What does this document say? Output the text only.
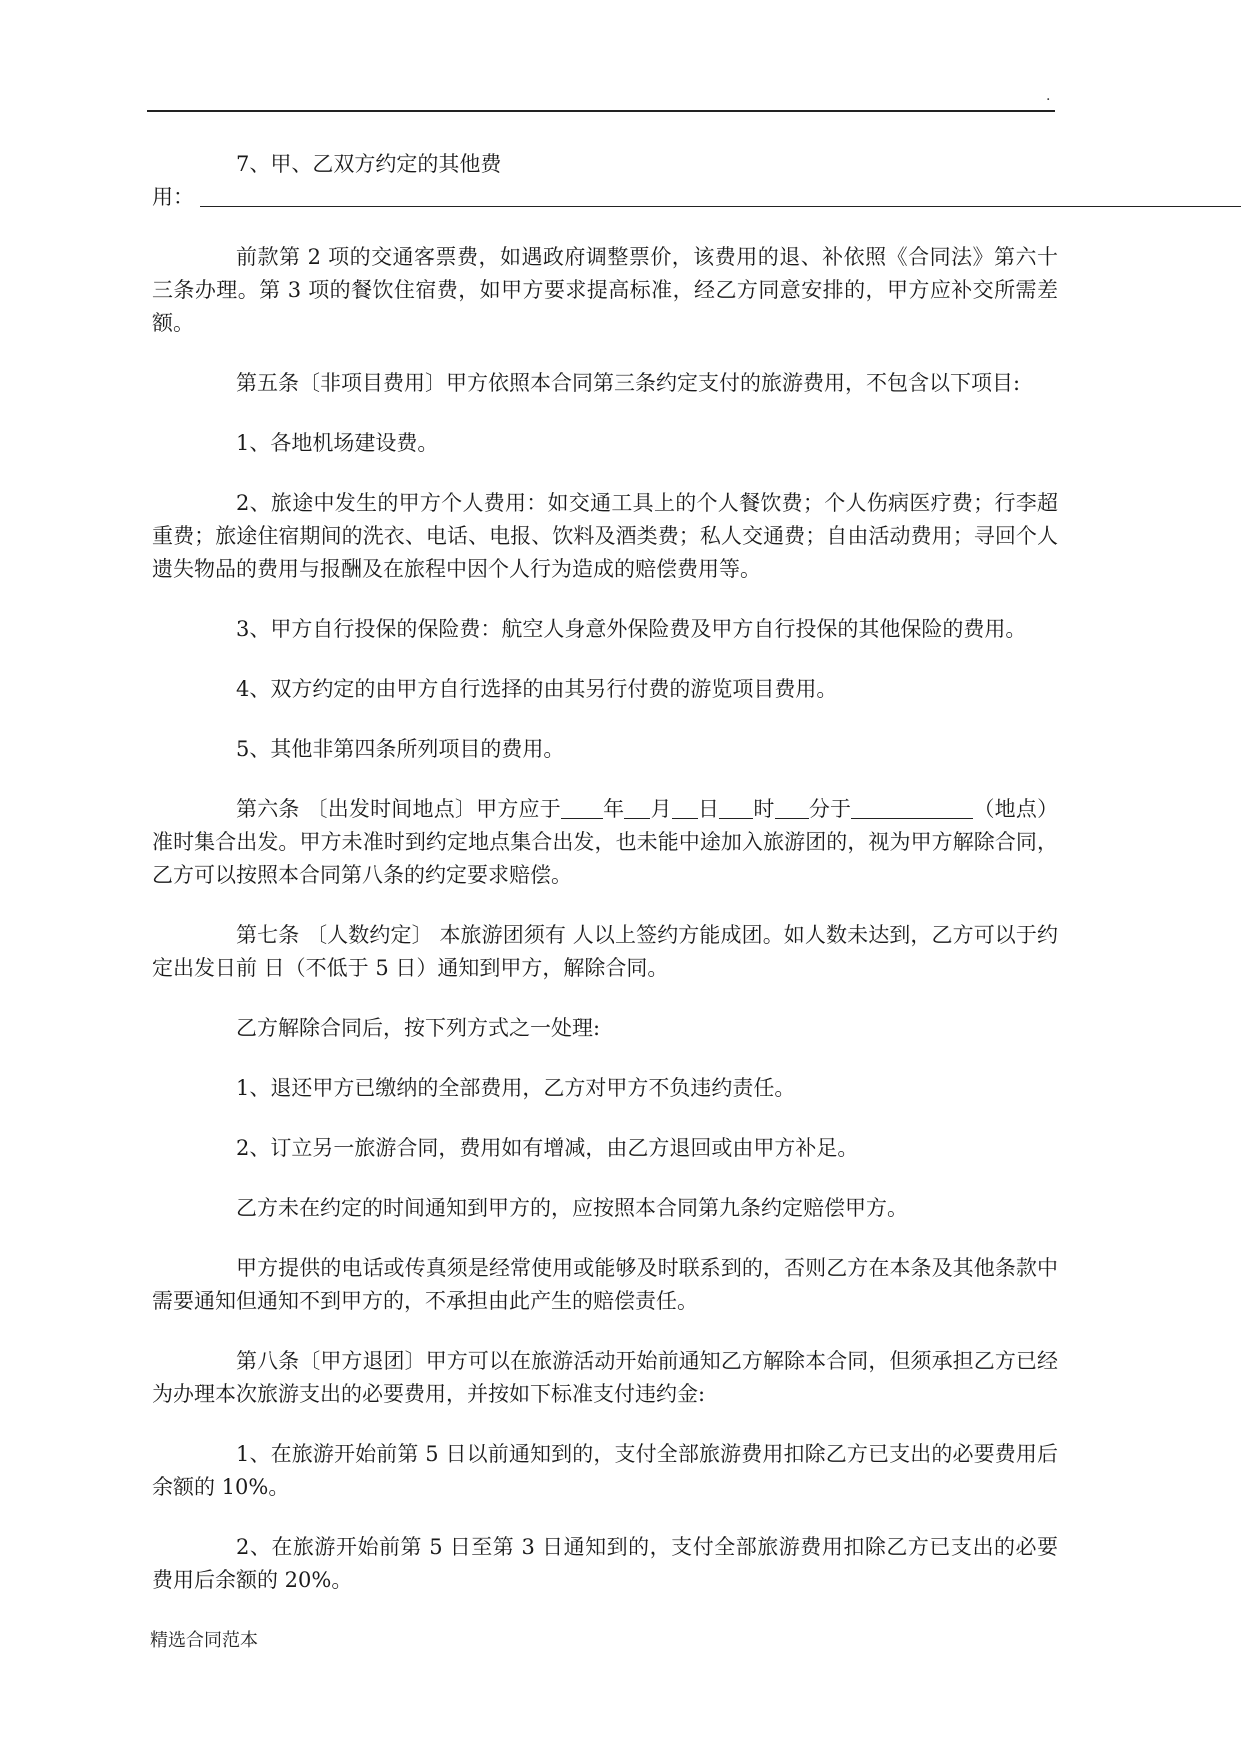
.

7、甲、乙双方约定的其他费

用：

前款第 2 项的交通客票费，如遇政府调整票价，该费用的退、补依照《合同法》第六十三条办理。第 3 项的餐饮住宿费，如甲方要求提高标准，经乙方同意安排的，甲方应补交所需差额。

第五条〔非项目费用〕甲方依照本合同第三条约定支付的旅游费用，不包含以下项目:

1、各地机场建设费。

2、旅途中发生的甲方个人费用：如交通工具上的个人餐饮费；个人伤病医疗费；行李超重费；旅途住宿期间的洗衣、电话、电报、饮料及酒类费；私人交通费；自由活动费用；寻回个人遗失物品的费用与报酬及在旅程中因个人行为造成的赔偿费用等。

3、甲方自行投保的保险费：航空人身意外保险费及甲方自行投保的其他保险的费用。

4、双方约定的由甲方自行选择的由其另行付费的游览项目费用。

5、其他非第四条所列项目的费用。

第六条 〔出发时间地点〕甲方应于 年 月 日 时 分于	（地点）准时集合出发。甲方未准时到约定地点集合出发，也未能中途加入旅游团的，视为甲方解除合同，乙方可以按照本合同第八条的约定要求赔偿。

第七条 〔人数约定〕 本旅游团须有 人以上签约方能成团。如人数未达到，乙方可以于约定出发日前 日（不低于 5 日）通知到甲方，解除合同。

乙方解除合同后，按下列方式之一处理:

1、退还甲方已缴纳的全部费用，乙方对甲方不负违约责任。

2、订立另一旅游合同，费用如有增减，由乙方退回或由甲方补足。

乙方未在约定的时间通知到甲方的，应按照本合同第九条约定赔偿甲方。

甲方提供的电话或传真须是经常使用或能够及时联系到的，否则乙方在本条及其他条款中需要通知但通知不到甲方的，不承担由此产生的赔偿责任。

第八条〔甲方退团〕甲方可以在旅游活动开始前通知乙方解除本合同，但须承担乙方已经为办理本次旅游支出的必要费用，并按如下标准支付违约金:

1、在旅游开始前第 5 日以前通知到的，支付全部旅游费用扣除乙方已支出的必要费用后余额的 10%。

2、在旅游开始前第 5 日至第 3 日通知到的，支付全部旅游费用扣除乙方已支出的必要费用后余额的 20%。

精选合同范本
